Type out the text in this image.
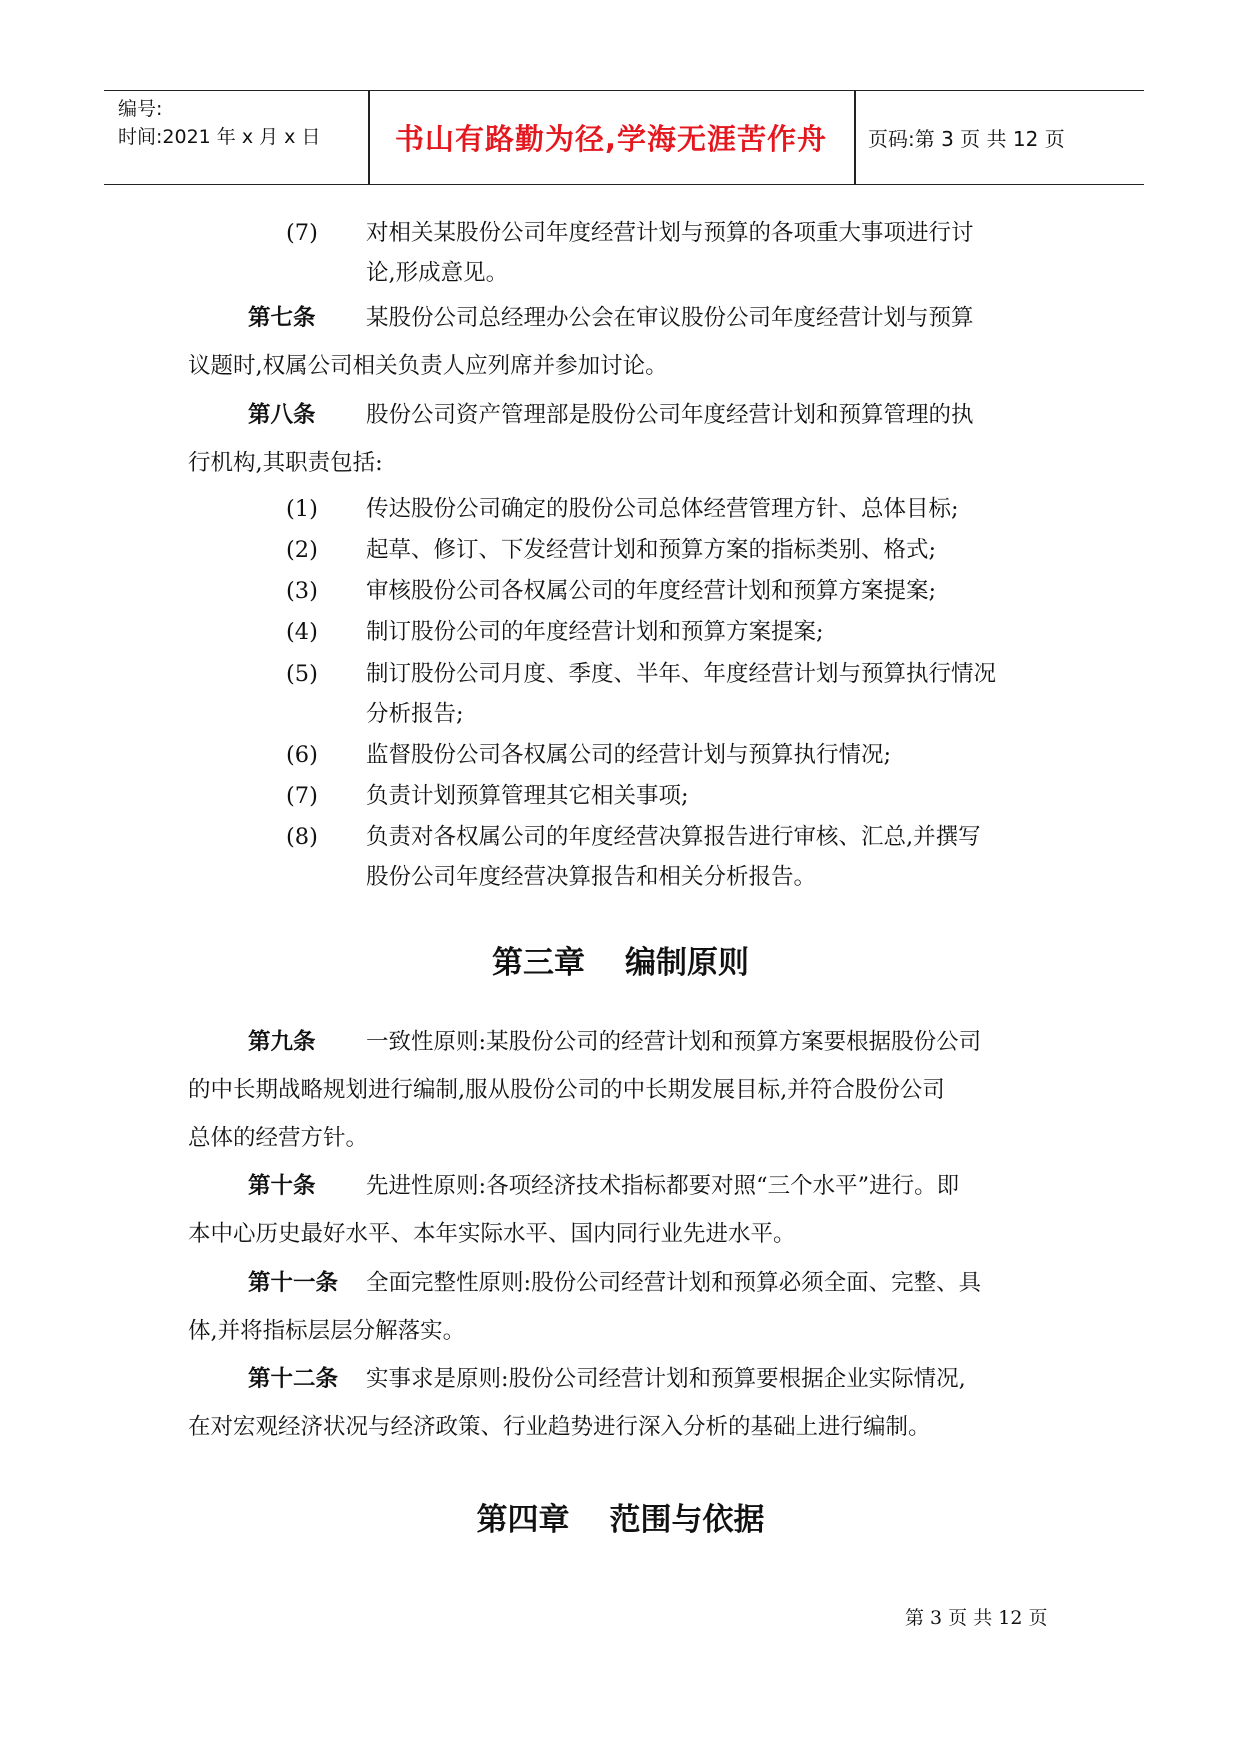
编号:
时间:2021 年 x 月 x 日	书山有路勤为径,学海无涯苦作舟	页码:第 3 页 共 12 页
(7) 对相关某股份公司年度经营计划与预算的各项重大事项进行讨
论,形成意见。
第七条 某股份公司总经理办公会在审议股份公司年度经营计划与预算
议题时,权属公司相关负责人应列席并参加讨论。
第八条 股份公司资产管理部是股份公司年度经营计划和预算管理的执
行机构,其职责包括:
(1) 传达股份公司确定的股份公司总体经营管理方针、总体目标;
(2) 起草、修订、下发经营计划和预算方案的指标类别、格式;
(3) 审核股份公司各权属公司的年度经营计划和预算方案提案;
(4) 制订股份公司的年度经营计划和预算方案提案;
(5) 制订股份公司月度、季度、半年、年度经营计划与预算执行情况
分析报告;
(6) 监督股份公司各权属公司的经营计划与预算执行情况;
(7) 负责计划预算管理其它相关事项;
(8) 负责对各权属公司的年度经营决算报告进行审核、汇总,并撰写
股份公司年度经营决算报告和相关分析报告。
第三章 编制原则
第九条 一致性原则:某股份公司的经营计划和预算方案要根据股份公司
的中长期战略规划进行编制,服从股份公司的中长期发展目标,并符合股份公司
总体的经营方针。
第十条 先进性原则:各项经济技术指标都要对照“三个水平”进行。即
本中心历史最好水平、本年实际水平、国内同行业先进水平。
第十一条 全面完整性原则:股份公司经营计划和预算必须全面、完整、具
体,并将指标层层分解落实。
第十二条 实事求是原则:股份公司经营计划和预算要根据企业实际情况,
在对宏观经济状况与经济政策、行业趋势进行深入分析的基础上进行编制。
第四章 范围与依据
第 3 页 共 12 页
